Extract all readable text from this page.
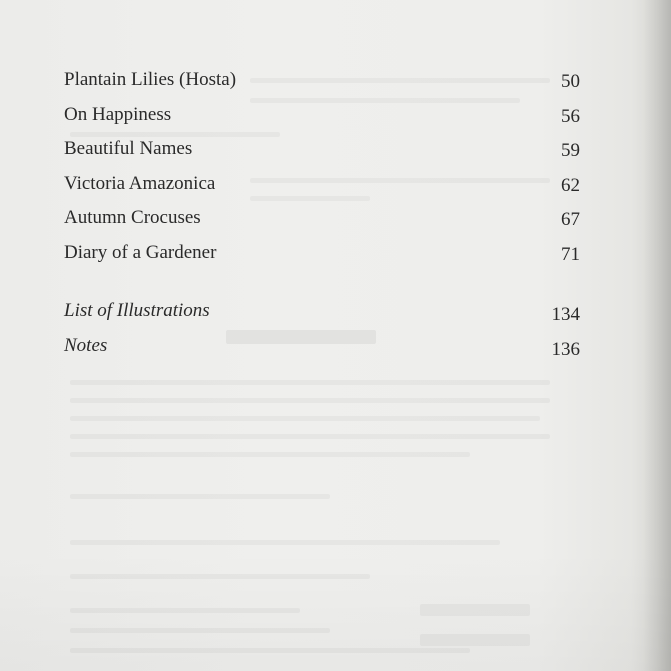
Plantain Lilies (Hosta)	50
On Happiness	56
Beautiful Names	59
Victoria Amazonica	62
Autumn Crocuses	67
Diary of a Gardener	71
List of Illustrations	134
Notes	136
